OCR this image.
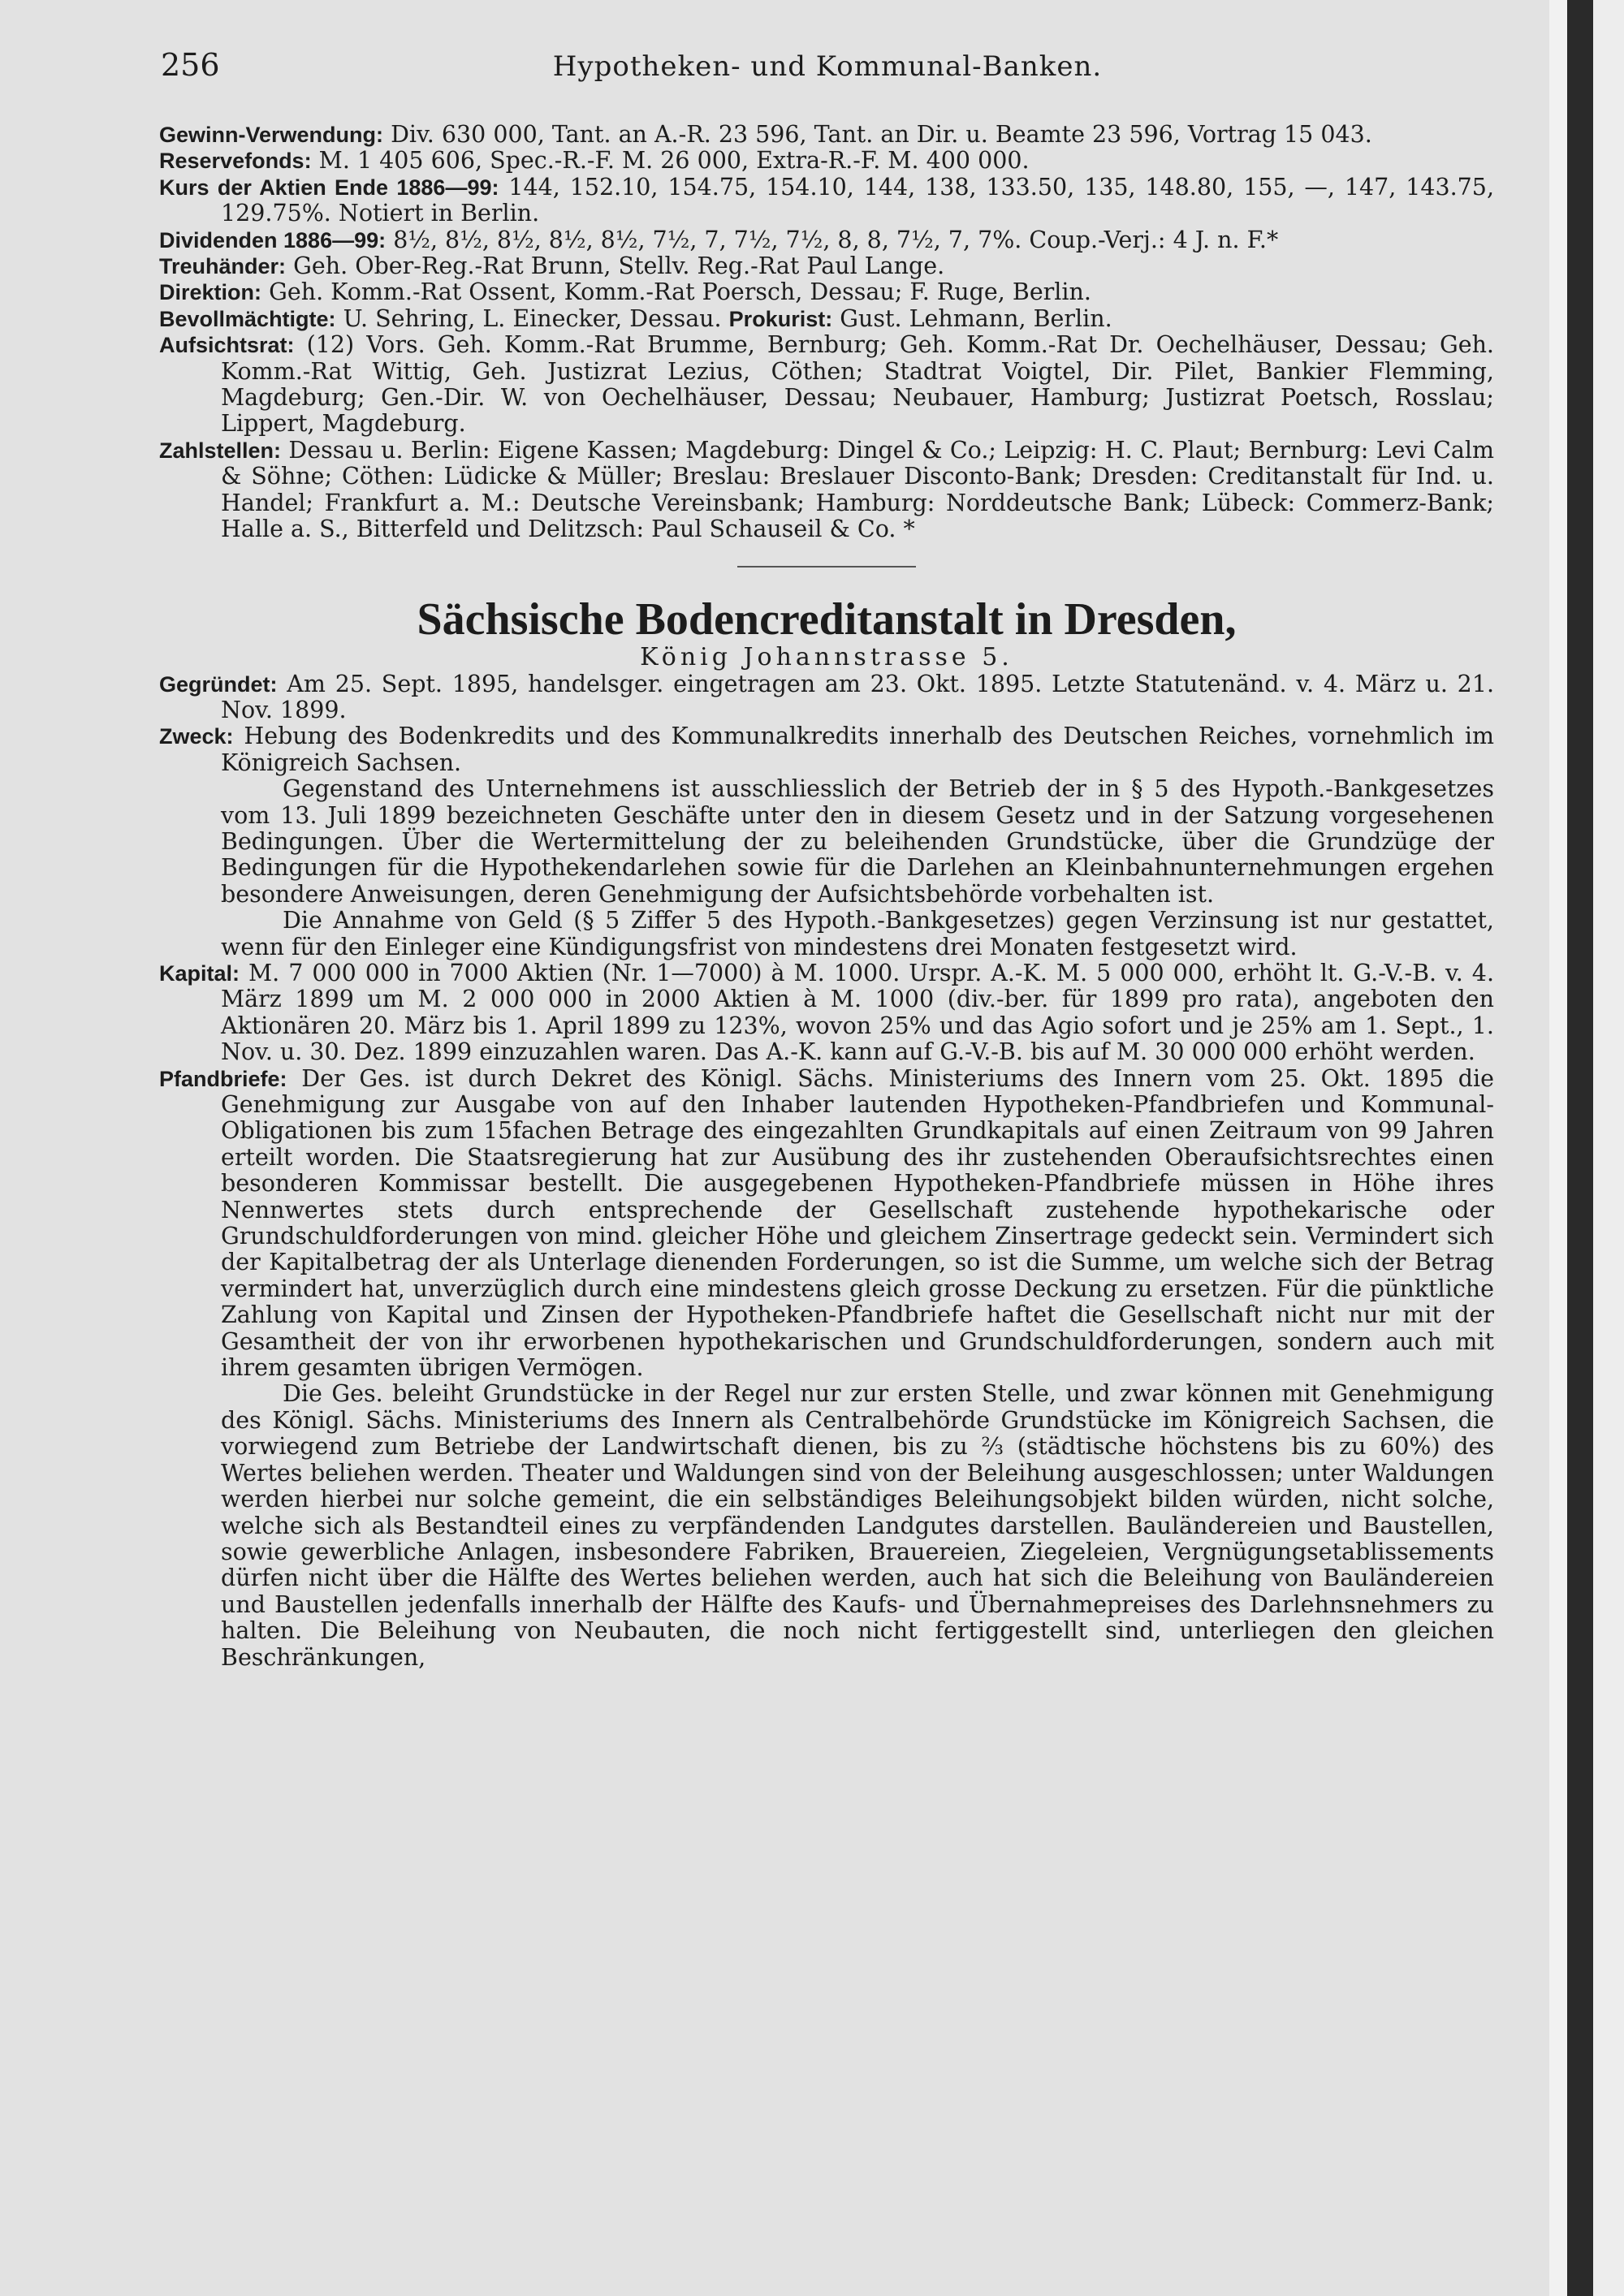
256	Hypotheken- und Kommunal-Banken.

Gewinn-Verwendung: Div. 630 000, Tant. an A.-R. 23 596, Tant. an Dir. u. Beamte 23 596, Vortrag 15 043.

Reservefonds: M. 1 405 606, Spec.-R.-F. M. 26 000, Extra-R.-F. M. 400 000.

Kurs der Aktien Ende 1886—99: 144, 152.10, 154.75, 154.10, 144, 138, 133.50, 135, 148.80, 155, —, 147, 143.75, 129.75%. Notiert in Berlin.

Dividenden 1886—99: 8½, 8½, 8½, 8½, 8½, 7½, 7, 7½, 7½, 8, 8, 7½, 7, 7%. Coup.-Verj.: 4 J. n. F.*

Treuhänder: Geh. Ober-Reg.-Rat Brunn, Stellv. Reg.-Rat Paul Lange.

Direktion: Geh. Komm.-Rat Ossent, Komm.-Rat Poersch, Dessau; F. Ruge, Berlin.

Bevollmächtigte: U. Sehring, L. Einecker, Dessau. Prokurist: Gust. Lehmann, Berlin.

Aufsichtsrat: (12) Vors. Geh. Komm.-Rat Brumme, Bernburg; Geh. Komm.-Rat Dr. Oechelhäuser, Dessau; Geh. Komm.-Rat Wittig, Geh. Justizrat Lezius, Cöthen; Stadtrat Voigtel, Dir. Pilet, Bankier Flemming, Magdeburg; Gen.-Dir. W. von Oechelhäuser, Dessau; Neubauer, Hamburg; Justizrat Poetsch, Rosslau; Lippert, Magdeburg.

Zahlstellen: Dessau u. Berlin: Eigene Kassen; Magdeburg: Dingel & Co.; Leipzig: H. C. Plaut; Bernburg: Levi Calm & Söhne; Cöthen: Lüdicke & Müller; Breslau: Breslauer Disconto-Bank; Dresden: Creditanstalt für Ind. u. Handel; Frankfurt a. M.: Deutsche Vereinsbank; Hamburg: Norddeutsche Bank; Lübeck: Commerz-Bank; Halle a. S., Bitterfeld und Delitzsch: Paul Schauseil & Co. *

Sächsische Bodencreditanstalt in Dresden,

König Johannstrasse 5.

Gegründet: Am 25. Sept. 1895, handelsger. eingetragen am 23. Okt. 1895. Letzte Statutenänd. v. 4. März u. 21. Nov. 1899.

Zweck: Hebung des Bodenkredits und des Kommunalkredits innerhalb des Deutschen Reiches, vornehmlich im Königreich Sachsen.

Gegenstand des Unternehmens ist ausschliesslich der Betrieb der in § 5 des Hypoth.-Bankgesetzes vom 13. Juli 1899 bezeichneten Geschäfte unter den in diesem Gesetz und in der Satzung vorgesehenen Bedingungen. Über die Wertermittelung der zu beleihenden Grundstücke, über die Grundzüge der Bedingungen für die Hypothekendarlehen sowie für die Darlehen an Kleinbahnunternehmungen ergehen besondere Anweisungen, deren Genehmigung der Aufsichtsbehörde vorbehalten ist.

Die Annahme von Geld (§ 5 Ziffer 5 des Hypoth.-Bankgesetzes) gegen Verzinsung ist nur gestattet, wenn für den Einleger eine Kündigungsfrist von mindestens drei Monaten festgesetzt wird.

Kapital: M. 7 000 000 in 7000 Aktien (Nr. 1—7000) à M. 1000. Urspr. A.-K. M. 5 000 000, erhöht lt. G.-V.-B. v. 4. März 1899 um M. 2 000 000 in 2000 Aktien à M. 1000 (div.-ber. für 1899 pro rata), angeboten den Aktionären 20. März bis 1. April 1899 zu 123%, wovon 25% und das Agio sofort und je 25% am 1. Sept., 1. Nov. u. 30. Dez. 1899 einzuzahlen waren. Das A.-K. kann auf G.-V.-B. bis auf M. 30 000 000 erhöht werden.

Pfandbriefe: Der Ges. ist durch Dekret des Königl. Sächs. Ministeriums des Innern vom 25. Okt. 1895 die Genehmigung zur Ausgabe von auf den Inhaber lautenden Hypotheken-Pfandbriefen und Kommunal-Obligationen bis zum 15fachen Betrage des eingezahlten Grundkapitals auf einen Zeitraum von 99 Jahren erteilt worden. Die Staatsregierung hat zur Ausübung des ihr zustehenden Oberaufsichtsrechtes einen besonderen Kommissar bestellt. Die ausgegebenen Hypotheken-Pfandbriefe müssen in Höhe ihres Nennwertes stets durch entsprechende der Gesellschaft zustehende hypothekarische oder Grundschuldforderungen von mind. gleicher Höhe und gleichem Zinsertrage gedeckt sein. Vermindert sich der Kapitalbetrag der als Unterlage dienenden Forderungen, so ist die Summe, um welche sich der Betrag vermindert hat, unverzüglich durch eine mindestens gleich grosse Deckung zu ersetzen. Für die pünktliche Zahlung von Kapital und Zinsen der Hypotheken-Pfandbriefe haftet die Gesellschaft nicht nur mit der Gesamtheit der von ihr erworbenen hypothekarischen und Grundschuldforderungen, sondern auch mit ihrem gesamten übrigen Vermögen.

Die Ges. beleiht Grundstücke in der Regel nur zur ersten Stelle, und zwar können mit Genehmigung des Königl. Sächs. Ministeriums des Innern als Centralbehörde Grundstücke im Königreich Sachsen, die vorwiegend zum Betriebe der Landwirtschaft dienen, bis zu ⅔ (städtische höchstens bis zu 60%) des Wertes beliehen werden. Theater und Waldungen sind von der Beleihung ausgeschlossen; unter Waldungen werden hierbei nur solche gemeint, die ein selbständiges Beleihungsobjekt bilden würden, nicht solche, welche sich als Bestandteil eines zu verpfändenden Landgutes darstellen. Bauländereien und Baustellen, sowie gewerbliche Anlagen, insbesondere Fabriken, Brauereien, Ziegeleien, Vergnügungsetablissements dürfen nicht über die Hälfte des Wertes beliehen werden, auch hat sich die Beleihung von Bauländereien und Baustellen jedenfalls innerhalb der Hälfte des Kaufs- und Übernahmepreises des Darlehnsnehmers zu halten. Die Beleihung von Neubauten, die noch nicht fertiggestellt sind, unterliegen den gleichen Beschränkungen,
